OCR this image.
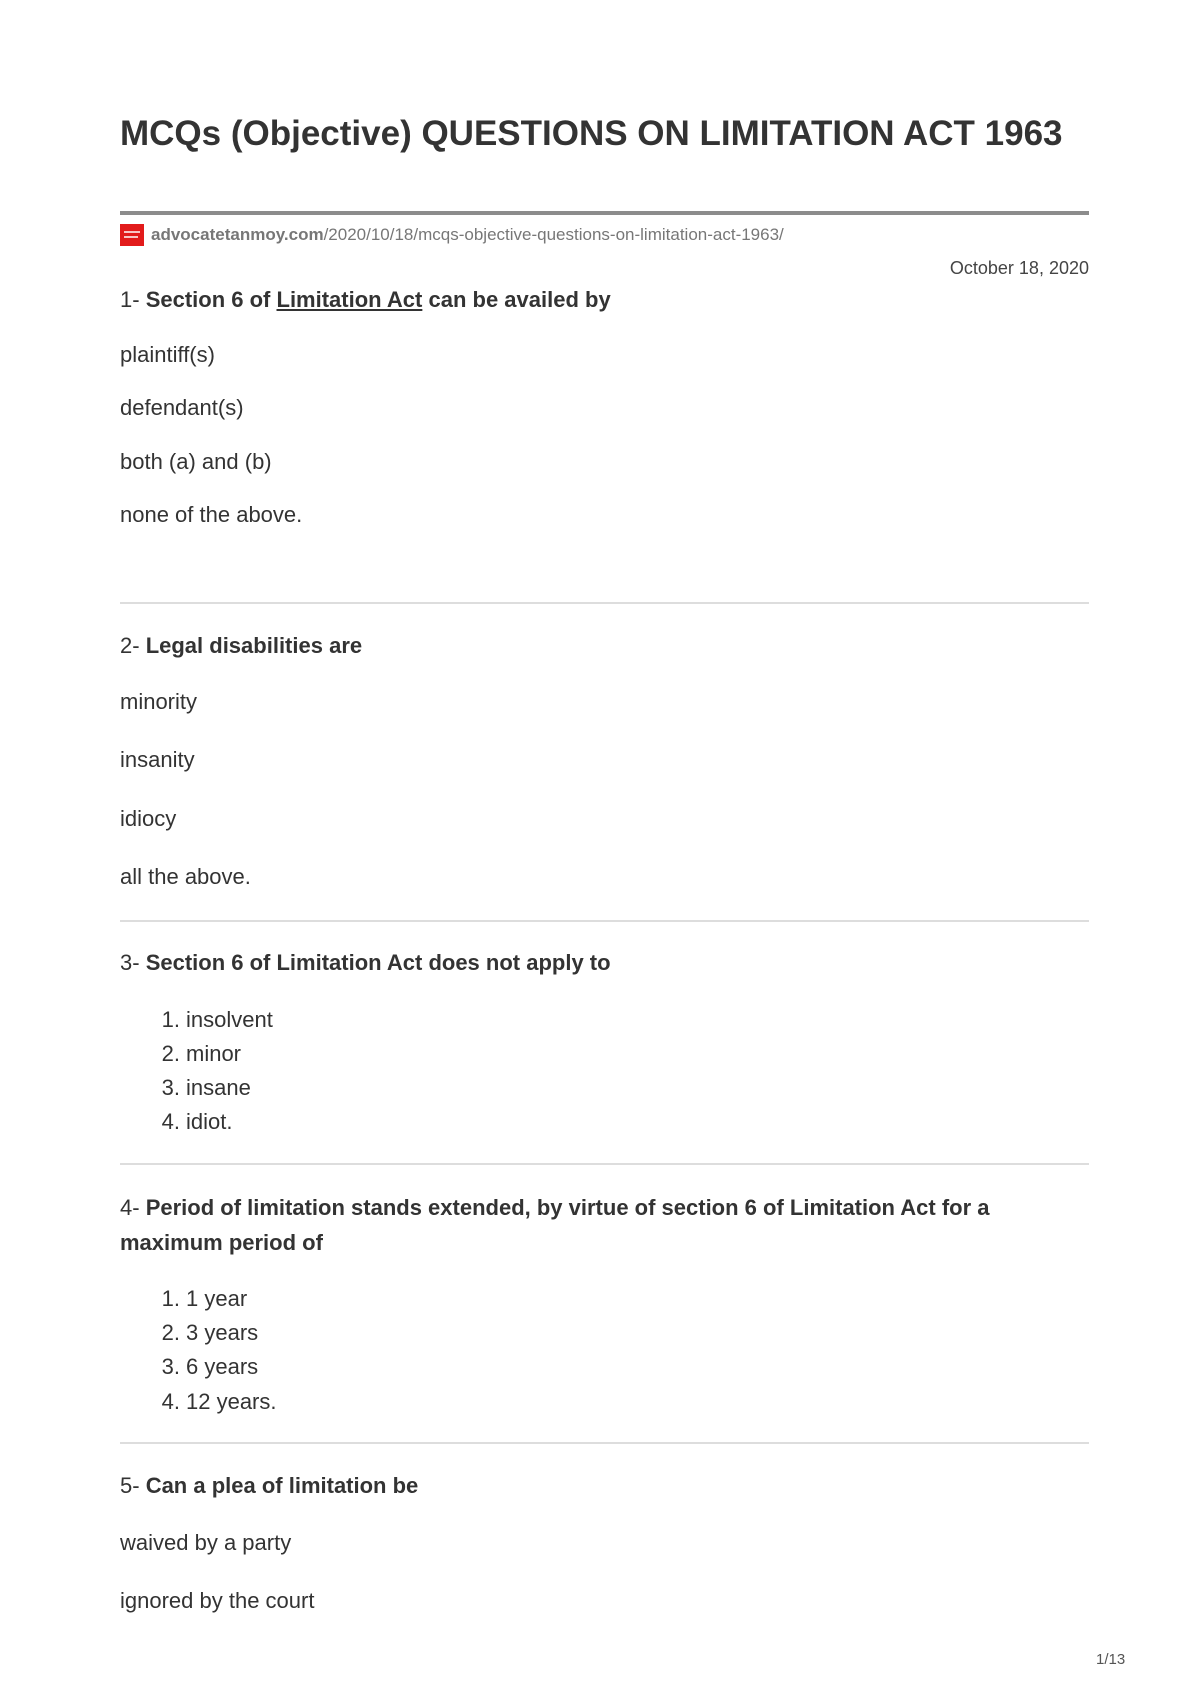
MCQs (Objective) QUESTIONS ON LIMITATION ACT 1963
advocatetanmoy.com /2020/10/18/mcqs-objective-questions-on-limitation-act-1963/
October 18, 2020

1- Section 6 of Limitation Act can be availed by

plaintiff(s)

defendant(s)

both (a) and (b)

none of the above.

2- Legal disabilities are

minority

insanity

idiocy

all the above.

3- Section 6 of Limitation Act does not apply to

1. insolvent
2. minor
3. insane
4. idiot.

4- Period of limitation stands extended, by virtue of section 6 of Limitation Act for a maximum period of

1. 1 year
2. 3 years
3. 6 years
4. 12 years.

5- Can a plea of limitation be

waived by a party

ignored by the court

1/13
